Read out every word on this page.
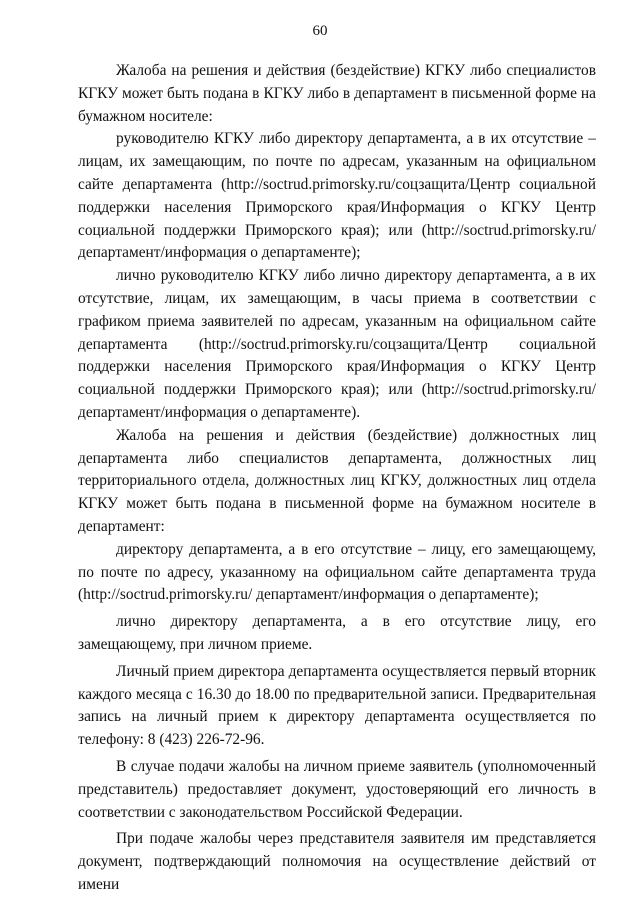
60

Жалоба на решения и действия (бездействие) КГКУ либо специалистов КГКУ может быть подана в КГКУ либо в департамент в письменной форме на бумажном носителе:

руководителю КГКУ либо директору департамента, а в их отсутствие – лицам, их замещающим, по почте по адресам, указанным на официальном сайте департамента (http://soctrud.primorsky.ru/соцзащита/Центр социальной поддержки населения Приморского края/Информация о КГКУ Центр социальной поддержки Приморского края); или (http://soctrud.primorsky.ru/департамент/информация о департаменте);

лично руководителю КГКУ либо лично директору департамента, а в их отсутствие, лицам, их замещающим, в часы приема в соответствии с графиком приема заявителей по адресам, указанным на официальном сайте департамента (http://soctrud.primorsky.ru/соцзащита/Центр социальной поддержки населения Приморского края/Информация о КГКУ Центр социальной поддержки Приморского края); или (http://soctrud.primorsky.ru/департамент/информация о департаменте).

Жалоба на решения и действия (бездействие) должностных лиц департамента либо специалистов департамента, должностных лиц территориального отдела, должностных лиц КГКУ, должностных лиц отдела КГКУ может быть подана в письменной форме на бумажном носителе в департамент:

директору департамента, а в его отсутствие – лицу, его замещающему, по почте по адресу, указанному на официальном сайте департамента труда (http://soctrud.primorsky.ru/ департамент/информация о департаменте);

лично директору департамента, а в его отсутствие лицу, его замещающему, при личном приеме.

Личный прием директора департамента осуществляется первый вторник каждого месяца с 16.30 до 18.00 по предварительной записи. Предварительная запись на личный прием к директору департамента осуществляется по телефону: 8 (423) 226-72-96.

В случае подачи жалобы на личном приеме заявитель (уполномоченный представитель) предоставляет документ, удостоверяющий его личность в соответствии с законодательством Российской Федерации.

При подаче жалобы через представителя заявителя им представляется документ, подтверждающий полномочия на осуществление действий от имени
